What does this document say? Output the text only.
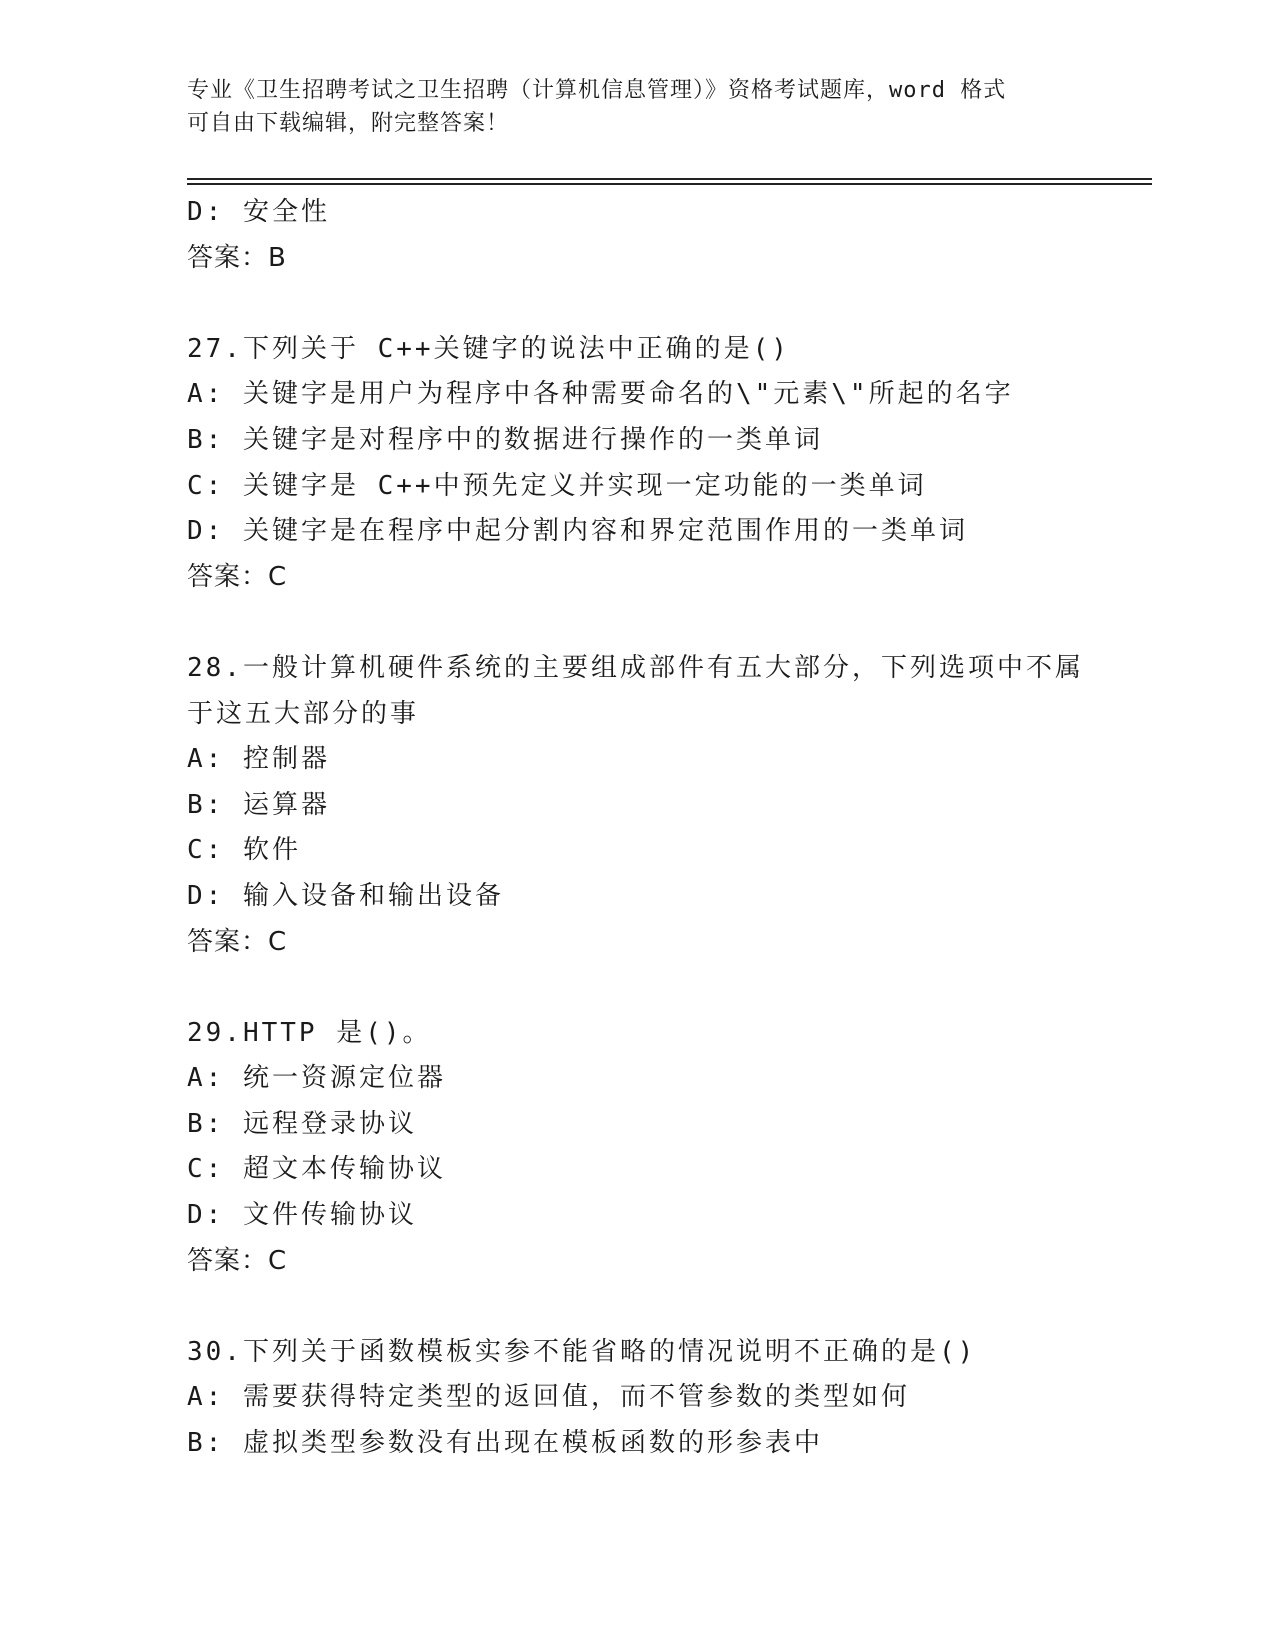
专业《卫生招聘考试之卫生招聘（计算机信息管理）》资格考试题库，word 格式
可自由下载编辑，附完整答案！
D: 安全性
答案：B
27.下列关于 C++关键字的说法中正确的是()
A: 关键字是用户为程序中各种需要命名的\"元素\"所起的名字
B: 关键字是对程序中的数据进行操作的一类单词
C: 关键字是 C++中预先定义并实现一定功能的一类单词
D: 关键字是在程序中起分割内容和界定范围作用的一类单词
答案：C
28.一般计算机硬件系统的主要组成部件有五大部分，下列选项中不属
于这五大部分的事
A: 控制器
B: 运算器
C: 软件
D: 输入设备和输出设备
答案：C
29.HTTP 是()。
A: 统一资源定位器
B: 远程登录协议
C: 超文本传输协议
D: 文件传输协议
答案：C
30.下列关于函数模板实参不能省略的情况说明不正确的是()
A: 需要获得特定类型的返回值，而不管参数的类型如何
B: 虚拟类型参数没有出现在模板函数的形参表中
